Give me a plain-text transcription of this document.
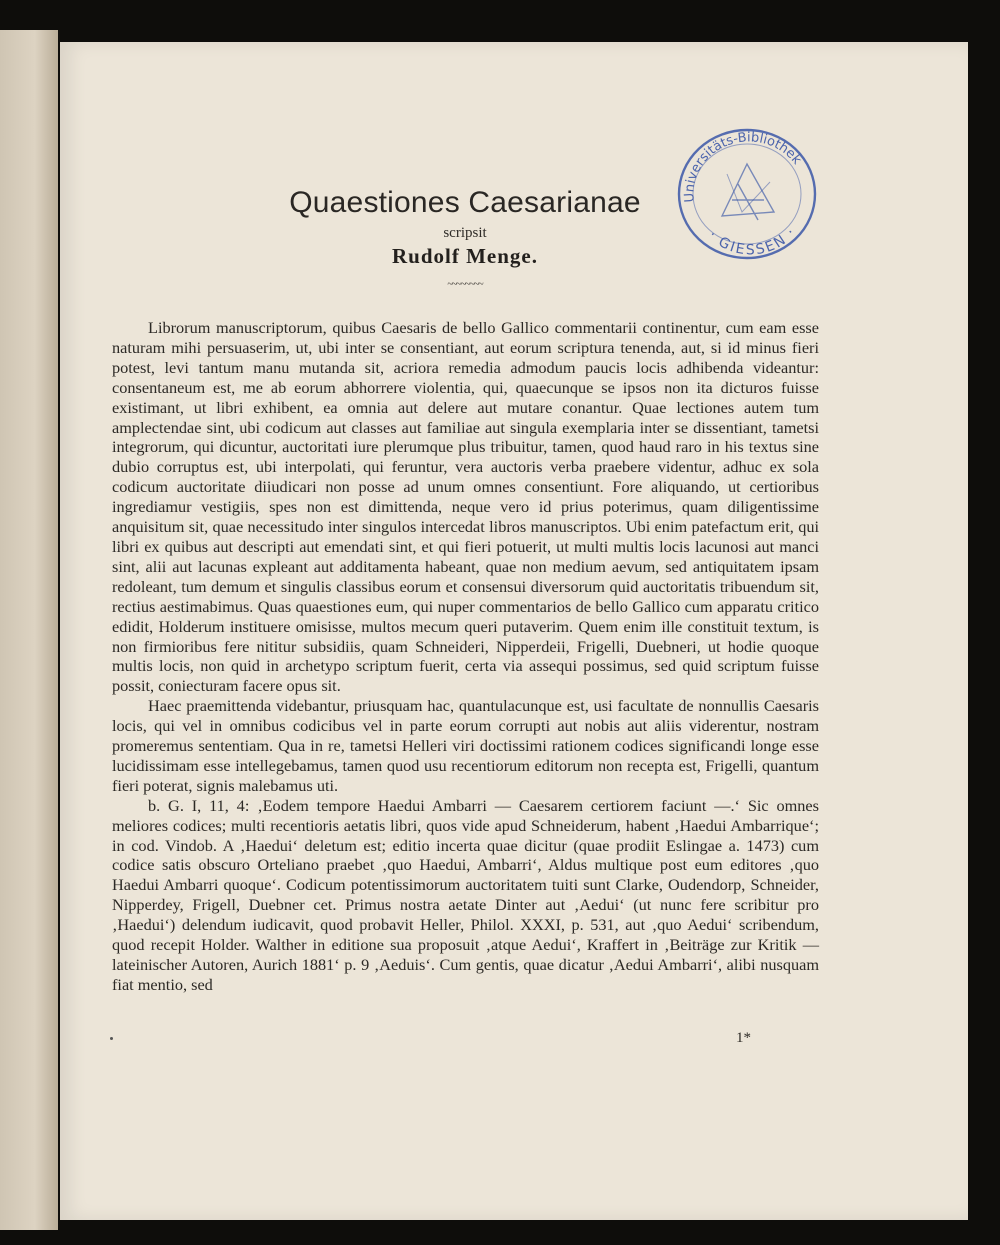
Quaestiones Caesarianae
scripsit
Rudolf Menge.
~~~~~~~~
Universitäts-Bibliothek
· GIESSEN ·

Librorum manuscriptorum, quibus Caesaris de bello Gallico commentarii continentur, cum eam esse naturam mihi persuaserim, ut, ubi inter se consentiant, aut eorum scriptura tenenda, aut, si id minus fieri potest, levi tantum manu mutanda sit, acriora remedia admodum paucis locis adhibenda videantur: consentaneum est, me ab eorum abhorrere violentia, qui, quaecunque se ipsos non ita dicturos fuisse existimant, ut libri exhibent, ea omnia aut delere aut mutare conantur. Quae lectiones autem tum amplectendae sint, ubi codicum aut classes aut familiae aut singula exemplaria inter se dissentiant, tametsi integrorum, qui dicuntur, auctoritati iure plerumque plus tribuitur, tamen, quod haud raro in his textus sine dubio corruptus est, ubi interpolati, qui feruntur, vera auctoris verba praebere videntur, adhuc ex sola codicum auctoritate diiudicari non posse ad unum omnes consentiunt. Fore aliquando, ut certioribus ingrediamur vestigiis, spes non est dimittenda, neque vero id prius poterimus, quam diligentissime anquisitum sit, quae necessitudo inter singulos intercedat libros manuscriptos. Ubi enim patefactum erit, qui libri ex quibus aut descripti aut emendati sint, et qui fieri potuerit, ut multi multis locis lacunosi aut manci sint, alii aut lacunas expleant aut additamenta habeant, quae non medium aevum, sed antiquitatem ipsam redoleant, tum demum et singulis classibus eorum et consensui diversorum quid auctoritatis tribuendum sit, rectius aestimabimus. Quas quaestiones eum, qui nuper commentarios de bello Gallico cum apparatu critico edidit, Holderum instituere omisisse, multos mecum queri putaverim. Quem enim ille constituit textum, is non firmioribus fere nititur subsidiis, quam Schneideri, Nipperdeii, Frigelli, Duebneri, ut hodie quoque multis locis, non quid in archetypo scriptum fuerit, certa via assequi possimus, sed quid scriptum fuisse possit, coniecturam facere opus sit.

Haec praemittenda videbantur, priusquam hac, quantulacunque est, usi facultate de nonnullis Caesaris locis, qui vel in omnibus codicibus vel in parte eorum corrupti aut nobis aut aliis viderentur, nostram promeremus sententiam. Qua in re, tametsi Helleri viri doctissimi rationem codices significandi longe esse lucidissimam esse intellegebamus, tamen quod usu recentiorum editorum non recepta est, Frigelli, quantum fieri poterat, signis malebamus uti.

b. G. I, 11, 4: ‚Eodem tempore Haedui Ambarri — Caesarem certiorem faciunt —.‘ Sic omnes meliores codices; multi recentioris aetatis libri, quos vide apud Schneiderum, habent ‚Haedui Ambarrique‘; in cod. Vindob. A ‚Haedui‘ deletum est; editio incerta quae dicitur (quae prodiit Eslingae a. 1473) cum codice satis obscuro Orteliano praebet ‚quo Haedui, Ambarri‘, Aldus multique post eum editores ‚quo Haedui Ambarri quoque‘. Codicum potentissimorum auctoritatem tuiti sunt Clarke, Oudendorp, Schneider, Nipperdey, Frigell, Duebner cet. Primus nostra aetate Dinter aut ‚Aedui‘ (ut nunc fere scribitur pro ‚Haedui‘) delendum iudicavit, quod probavit Heller, Philol. XXXI, p. 531, aut ‚quo Aedui‘ scribendum, quod recepit Holder. Walther in editione sua proposuit ‚atque Aedui‘, Kraffert in ‚Beiträge zur Kritik — lateinischer Autoren, Aurich 1881‘ p. 9 ‚Aeduis‘. Cum gentis, quae dicatur ‚Aedui Ambarri‘, alibi nusquam fiat mentio, sed

1*
